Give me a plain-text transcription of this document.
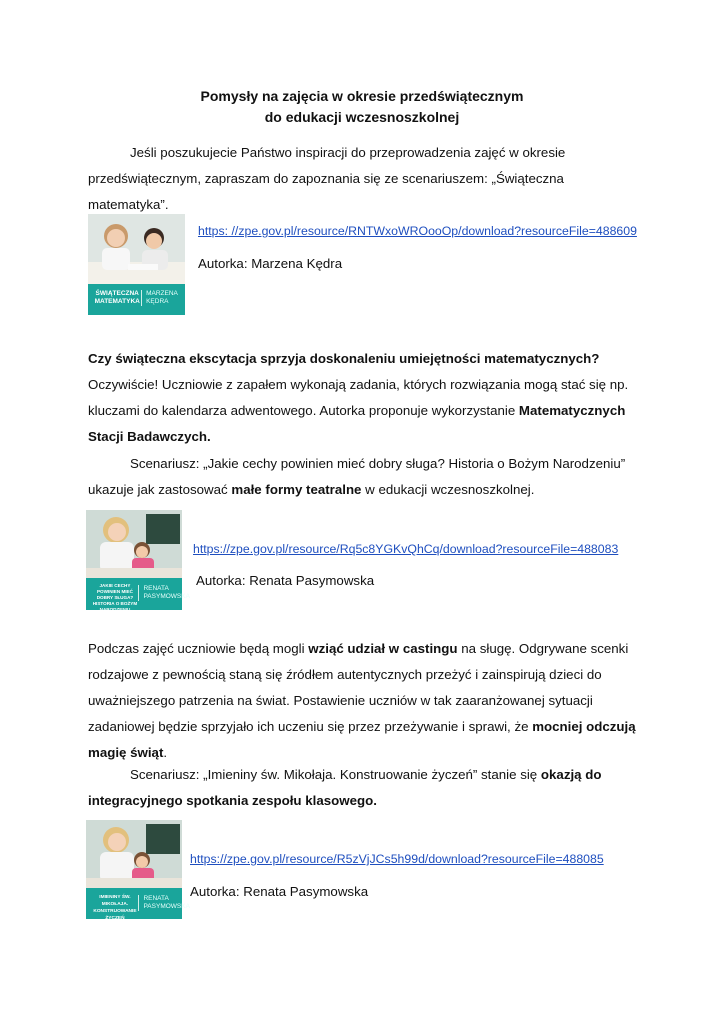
Pomysły na zajęcia w okresie przedświątecznym
do edukacji wczesnoszkolnej
Jeśli poszukujecie Państwo inspiracji do przeprowadzenia zajęć w okresie przedświątecznym, zapraszam do zapoznania się ze scenariuszem: „Świąteczna matematyka”.
ŚWIĄTECZNA MATEMATYKA
MARZENA KĘDRA
https: //zpe.gov.pl/resource/RNTWxoWROooOp/download?resourceFile=488609
Autorka: Marzena Kędra
Czy świąteczna ekscytacja sprzyja doskonaleniu umiejętności matematycznych? Oczywiście! Uczniowie z zapałem wykonają zadania, których rozwiązania mogą stać się np. kluczami do kalendarza adwentowego. Autorka proponuje wykorzystanie Matematycznych Stacji Badawczych.
Scenariusz: „Jakie cechy powinien mieć dobry sługa? Historia o Bożym Narodzeniu” ukazuje jak zastosować małe formy teatralne w edukacji wczesnoszkolnej.
JAKIE CECHY POWINIEN MIEĆ DOBRY SŁUGA? HISTORIA O BOŻYM NARODZENIU
RENATA PASYMOWSKA
https://zpe.gov.pl/resource/Rq5c8YGKvQhCq/download?resourceFile=488083
Autorka: Renata Pasymowska
Podczas zajęć uczniowie będą mogli wziąć udział w castingu na sługę. Odgrywane scenki rodzajowe z pewnością staną się źródłem autentycznych przeżyć i zainspirują dzieci do uważniejszego patrzenia na świat. Postawienie uczniów w tak zaaranżowanej sytuacji zadaniowej będzie sprzyjało ich uczeniu się przez przeżywanie i sprawi, że mocniej odczują magię świąt.
Scenariusz: „Imieniny św. Mikołaja. Konstruowanie życzeń” stanie się okazją do integracyjnego spotkania zespołu klasowego.
IMIENINY ŚW. MIKOŁAJA. KONSTRUOWANIE ŻYCZEŃ
RENATA PASYMOWSKA
https://zpe.gov.pl/resource/R5zVjJCs5h99d/download?resourceFile=488085
Autorka: Renata Pasymowska
